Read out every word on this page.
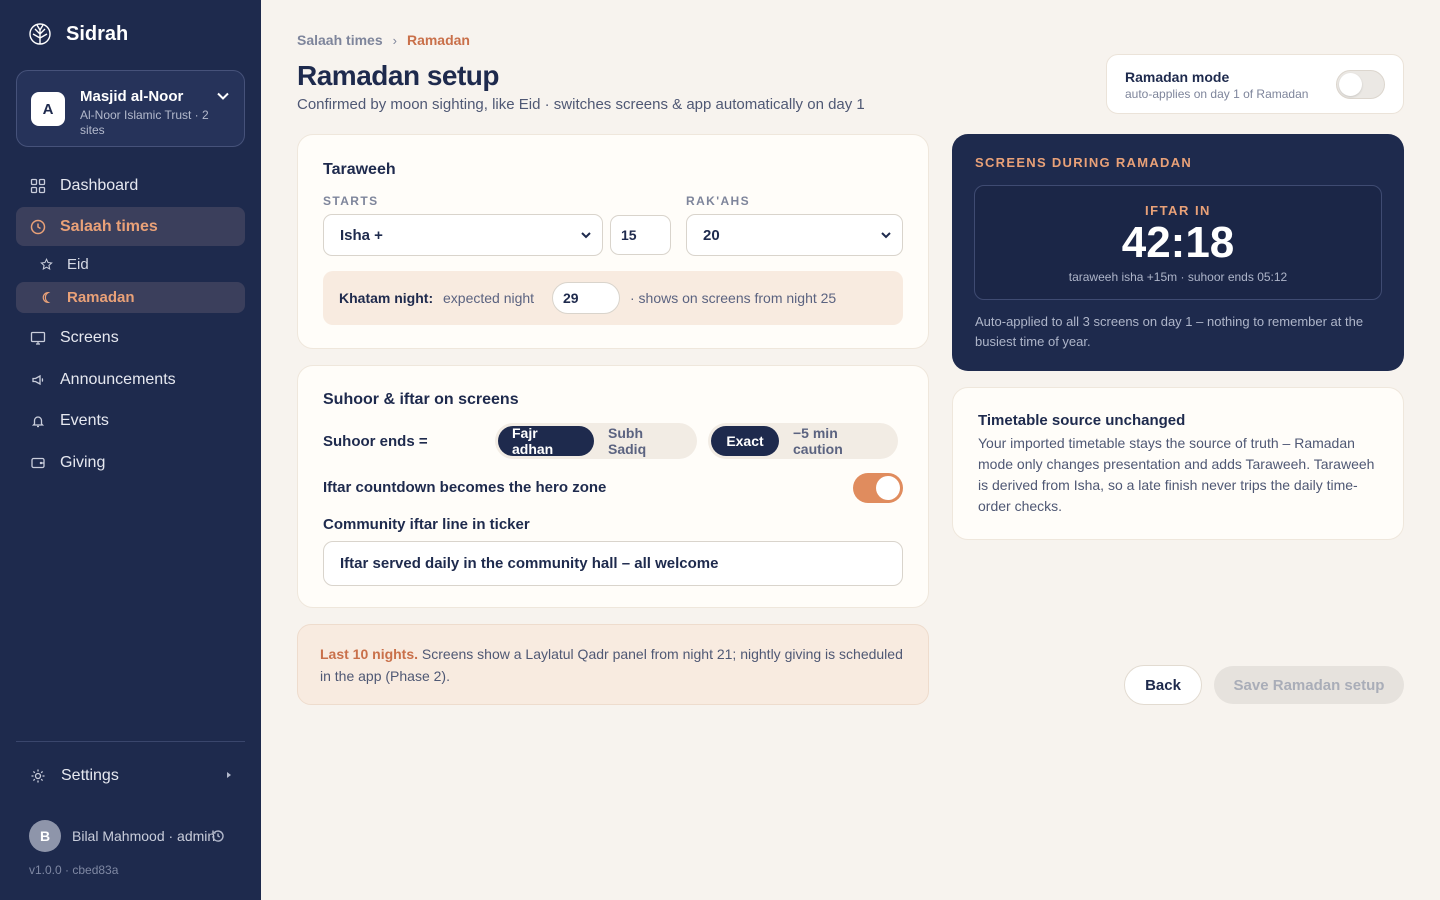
Sidrah
A
Masjid al-Noor
Al-Noor Islamic Trust · 2 sites
Dashboard
Salaah times
Eid
Ramadan
Screens
Announcements
Events
Giving
Settings
B	Bilal Mahmood · admin
v1.0.0 · cbed83a
Salaah times › Ramadan
Ramadan setup

Confirmed by moon sighting, like Eid · switches screens & app automatically on day 1

Ramadan mode
auto-applies on day 1 of Ramadan
Taraweeh
STARTS
Isha +	15
RAK'AHS
20
Khatam night: expected night	29	· shows on screens from night 25
Suhoor & iftar on screens
Suhoor ends =	Fajr adhan
Subh Sadiq	Exact	−5 min caution
Iftar countdown becomes the hero zone
Community iftar line in ticker
Iftar served daily in the community hall – all welcome
Last 10 nights. Screens show a Laylatul Qadr panel from night 21; nightly giving is scheduled in the app (Phase 2).
SCREENS DURING RAMADAN
IFTAR IN
42:18
taraweeh isha +15m · suhoor ends 05:12
Auto-applied to all 3 screens on day 1 – nothing to remember at the busiest time of year.
Timetable source unchanged
Your imported timetable stays the source of truth – Ramadan mode only changes presentation and adds Taraweeh. Taraweeh is derived from Isha, so a late finish never trips the daily time-order checks.
Back	Save Ramadan setup
